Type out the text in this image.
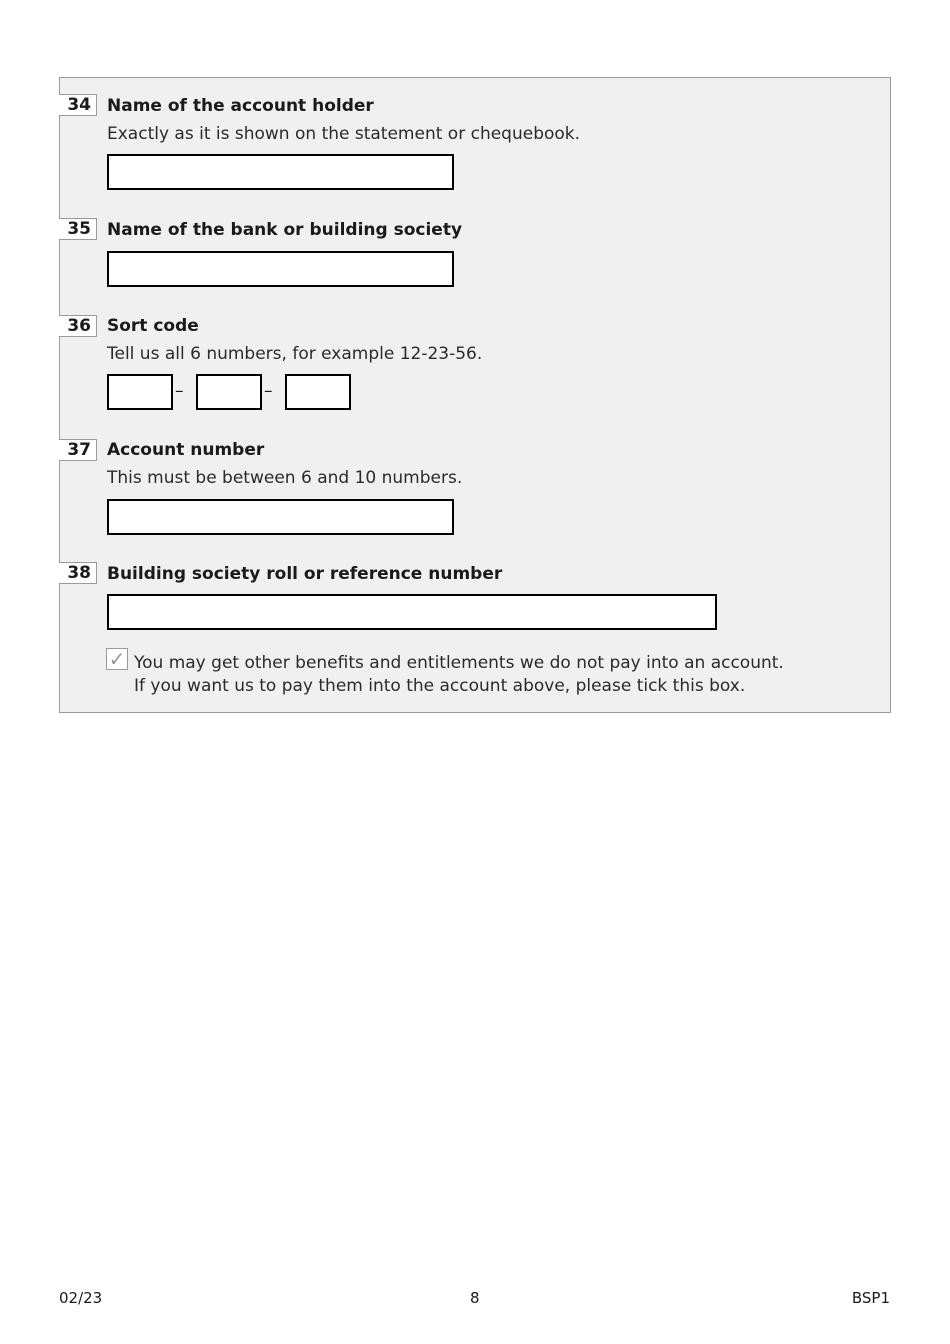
34 Name of the account holder
Exactly as it is shown on the statement or chequebook.
35 Name of the bank or building society
36 Sort code
Tell us all 6 numbers, for example 12-23-56.
–	–
37 Account number
This must be between 6 and 10 numbers.
38 Building society roll or reference number
✓ You may get other benefits and entitlements we do not pay into an account.
If you want us to pay them into the account above, please tick this box.
02/23	8	BSP1
